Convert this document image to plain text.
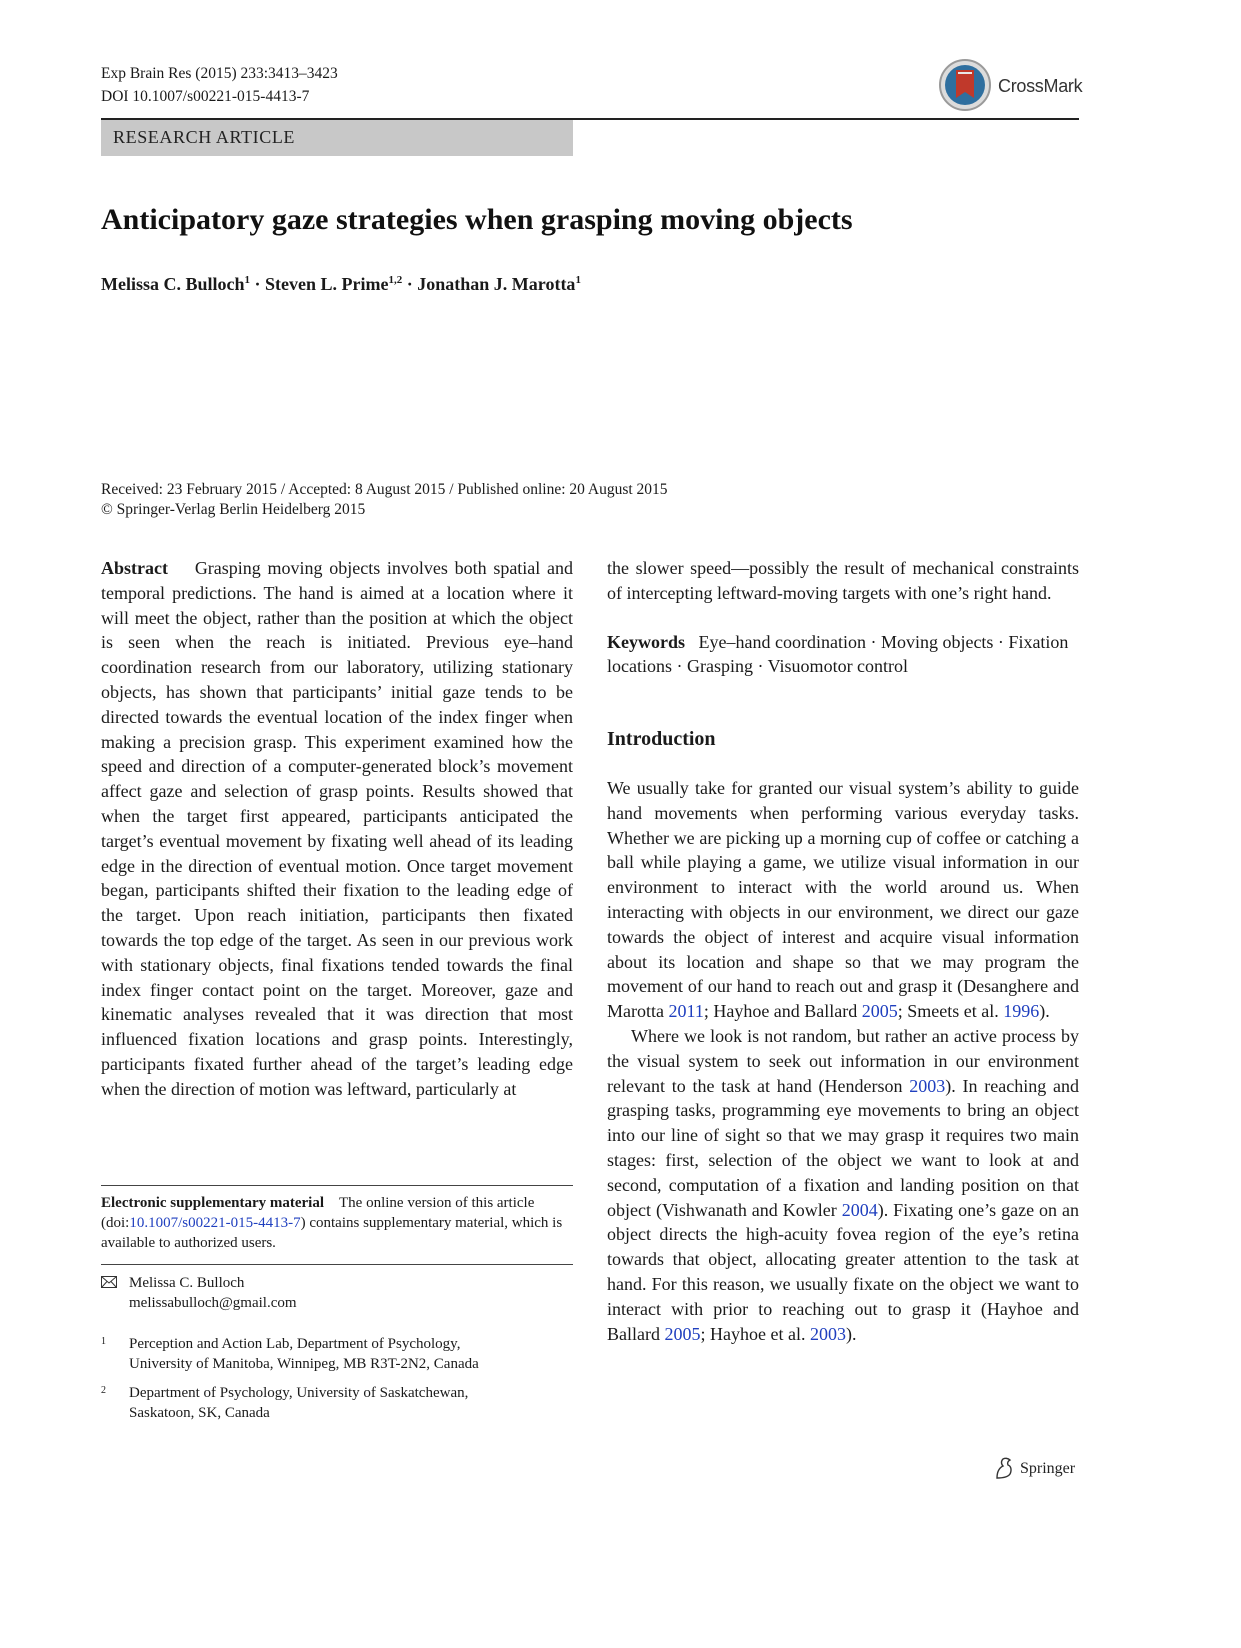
Exp Brain Res (2015) 233:3413–3423
DOI 10.1007/s00221-015-4413-7
CrossMark
RESEARCH ARTICLE
Anticipatory gaze strategies when grasping moving objects
Melissa C. Bulloch$^1$ · Steven L. Prime$^{1,2}$ · Jonathan J. Marotta$^1$
Received: 23 February 2015 / Accepted: 8 August 2015 / Published online: 20 August 2015
© Springer-Verlag Berlin Heidelberg 2015

Abstract Grasping moving objects involves both spatial and temporal predictions. The hand is aimed at a location where it will meet the object, rather than the position at which the object is seen when the reach is initiated. Previous eye–hand coordination research from our laboratory, utilizing stationary objects, has shown that participants’ initial gaze tends to be directed towards the eventual location of the index finger when making a precision grasp. This experiment examined how the speed and direction of a computer-generated block’s movement affect gaze and selection of grasp points. Results showed that when the target first appeared, participants anticipated the target’s eventual movement by fixating well ahead of its leading edge in the direction of eventual motion. Once target movement began, participants shifted their fixation to the leading edge of the target. Upon reach initiation, participants then fixated towards the top edge of the target. As seen in our previous work with stationary objects, final fixations tended towards the final index finger contact point on the target. Moreover, gaze and kinematic analyses revealed that it was direction that most influenced fixation locations and grasp points. Interestingly, participants fixated further ahead of the target’s leading edge when the direction of motion was leftward, particularly at

the slower speed—possibly the result of mechanical constraints of intercepting leftward-moving targets with one’s right hand.

Keywords Eye–hand coordination · Moving objects · Fixation locations · Grasping · Visuomotor control

Introduction

We usually take for granted our visual system’s ability to guide hand movements when performing various everyday tasks. Whether we are picking up a morning cup of coffee or catching a ball while playing a game, we utilize visual information in our environment to interact with the world around us. When interacting with objects in our environment, we direct our gaze towards the object of interest and acquire visual information about its location and shape so that we may program the movement of our hand to reach out and grasp it (Desanghere and Marotta 2011; Hayhoe and Ballard 2005; Smeets et al. 1996).

Where we look is not random, but rather an active process by the visual system to seek out information in our environment relevant to the task at hand (Henderson 2003). In reaching and grasping tasks, programming eye movements to bring an object into our line of sight so that we may grasp it requires two main stages: first, selection of the object we want to look at and second, computation of a fixation and landing position on that object (Vishwanath and Kowler 2004). Fixating one’s gaze on an object directs the high-acuity fovea region of the eye’s retina towards that object, allocating greater attention to the task at hand. For this reason, we usually fixate on the object we want to interact with prior to reaching out to grasp it (Hayhoe and Ballard 2005; Hayhoe et al. 2003).

Electronic supplementary material The online version of this article (doi:10.1007/s00221-015-4413-7) contains supplementary material, which is available to authorized users.
Melissa C. Bulloch
melissabulloch@gmail.com
1 Perception and Action Lab, Department of Psychology,
University of Manitoba, Winnipeg, MB R3T-2N2, Canada
2 Department of Psychology, University of Saskatchewan,
Saskatoon, SK, Canada
Springer
